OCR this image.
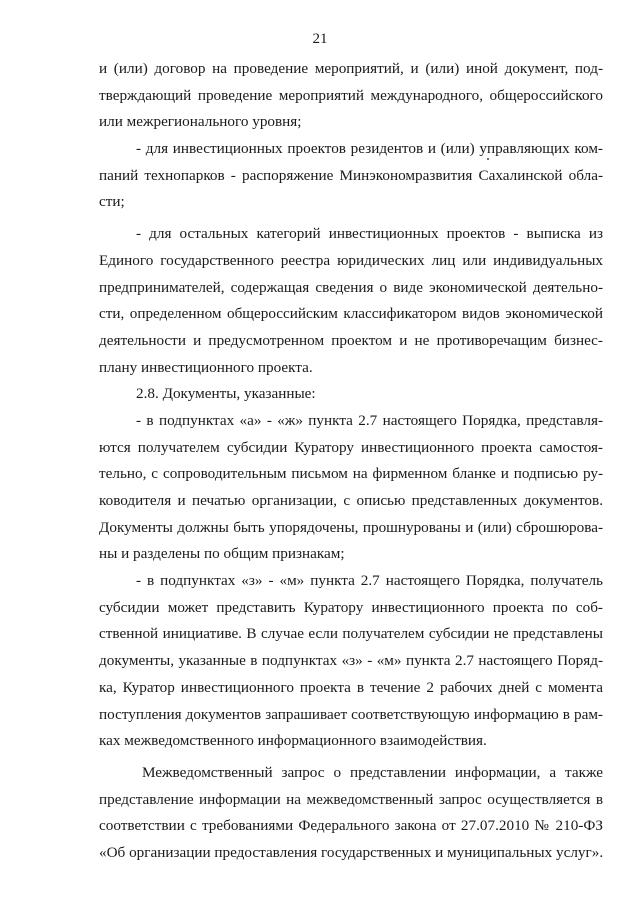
21
и (или) договор на проведение мероприятий, и (или) иной документ, под-
тверждающий проведение мероприятий международного, общероссийского
или межрегионального уровня;
- для инвестиционных проектов резидентов и (или) управляющих ком-
паний технопарков - распоряжение Минэкономразвития Сахалинской обла-
сти;
- для остальных категорий инвестиционных проектов - выписка из
Единого государственного реестра юридических лиц или индивидуальных
предпринимателей, содержащая сведения о виде экономической деятельно-
сти, определенном общероссийским классификатором видов экономической
деятельности и предусмотренном проектом и не противоречащим бизнес-
плану инвестиционного проекта.
2.8. Документы, указанные:
- в подпунктах «а» - «ж» пункта 2.7 настоящего Порядка, представля-
ются получателем субсидии Куратору инвестиционного проекта самостоя-
тельно, с сопроводительным письмом на фирменном бланке и подписью ру-
ководителя и печатью организации, с описью представленных документов.
Документы должны быть упорядочены, прошнурованы и (или) сброшюрова-
ны и разделены по общим признакам;
- в подпунктах «з» - «м» пункта 2.7 настоящего Порядка, получатель
субсидии может представить Куратору инвестиционного проекта по соб-
ственной инициативе. В случае если получателем субсидии не представлены
документы, указанные в подпунктах «з» - «м» пункта 2.7 настоящего Поряд-
ка, Куратор инвестиционного проекта в течение 2 рабочих дней с момента
поступления документов запрашивает соответствующую информацию в рам-
ках межведомственного информационного взаимодействия.
Межведомственный запрос о представлении информации, а также
представление информации на межведомственный запрос осуществляется в
соответствии с требованиями Федерального закона от 27.07.2010 № 210-ФЗ
«Об организации предоставления государственных и муниципальных услуг».
